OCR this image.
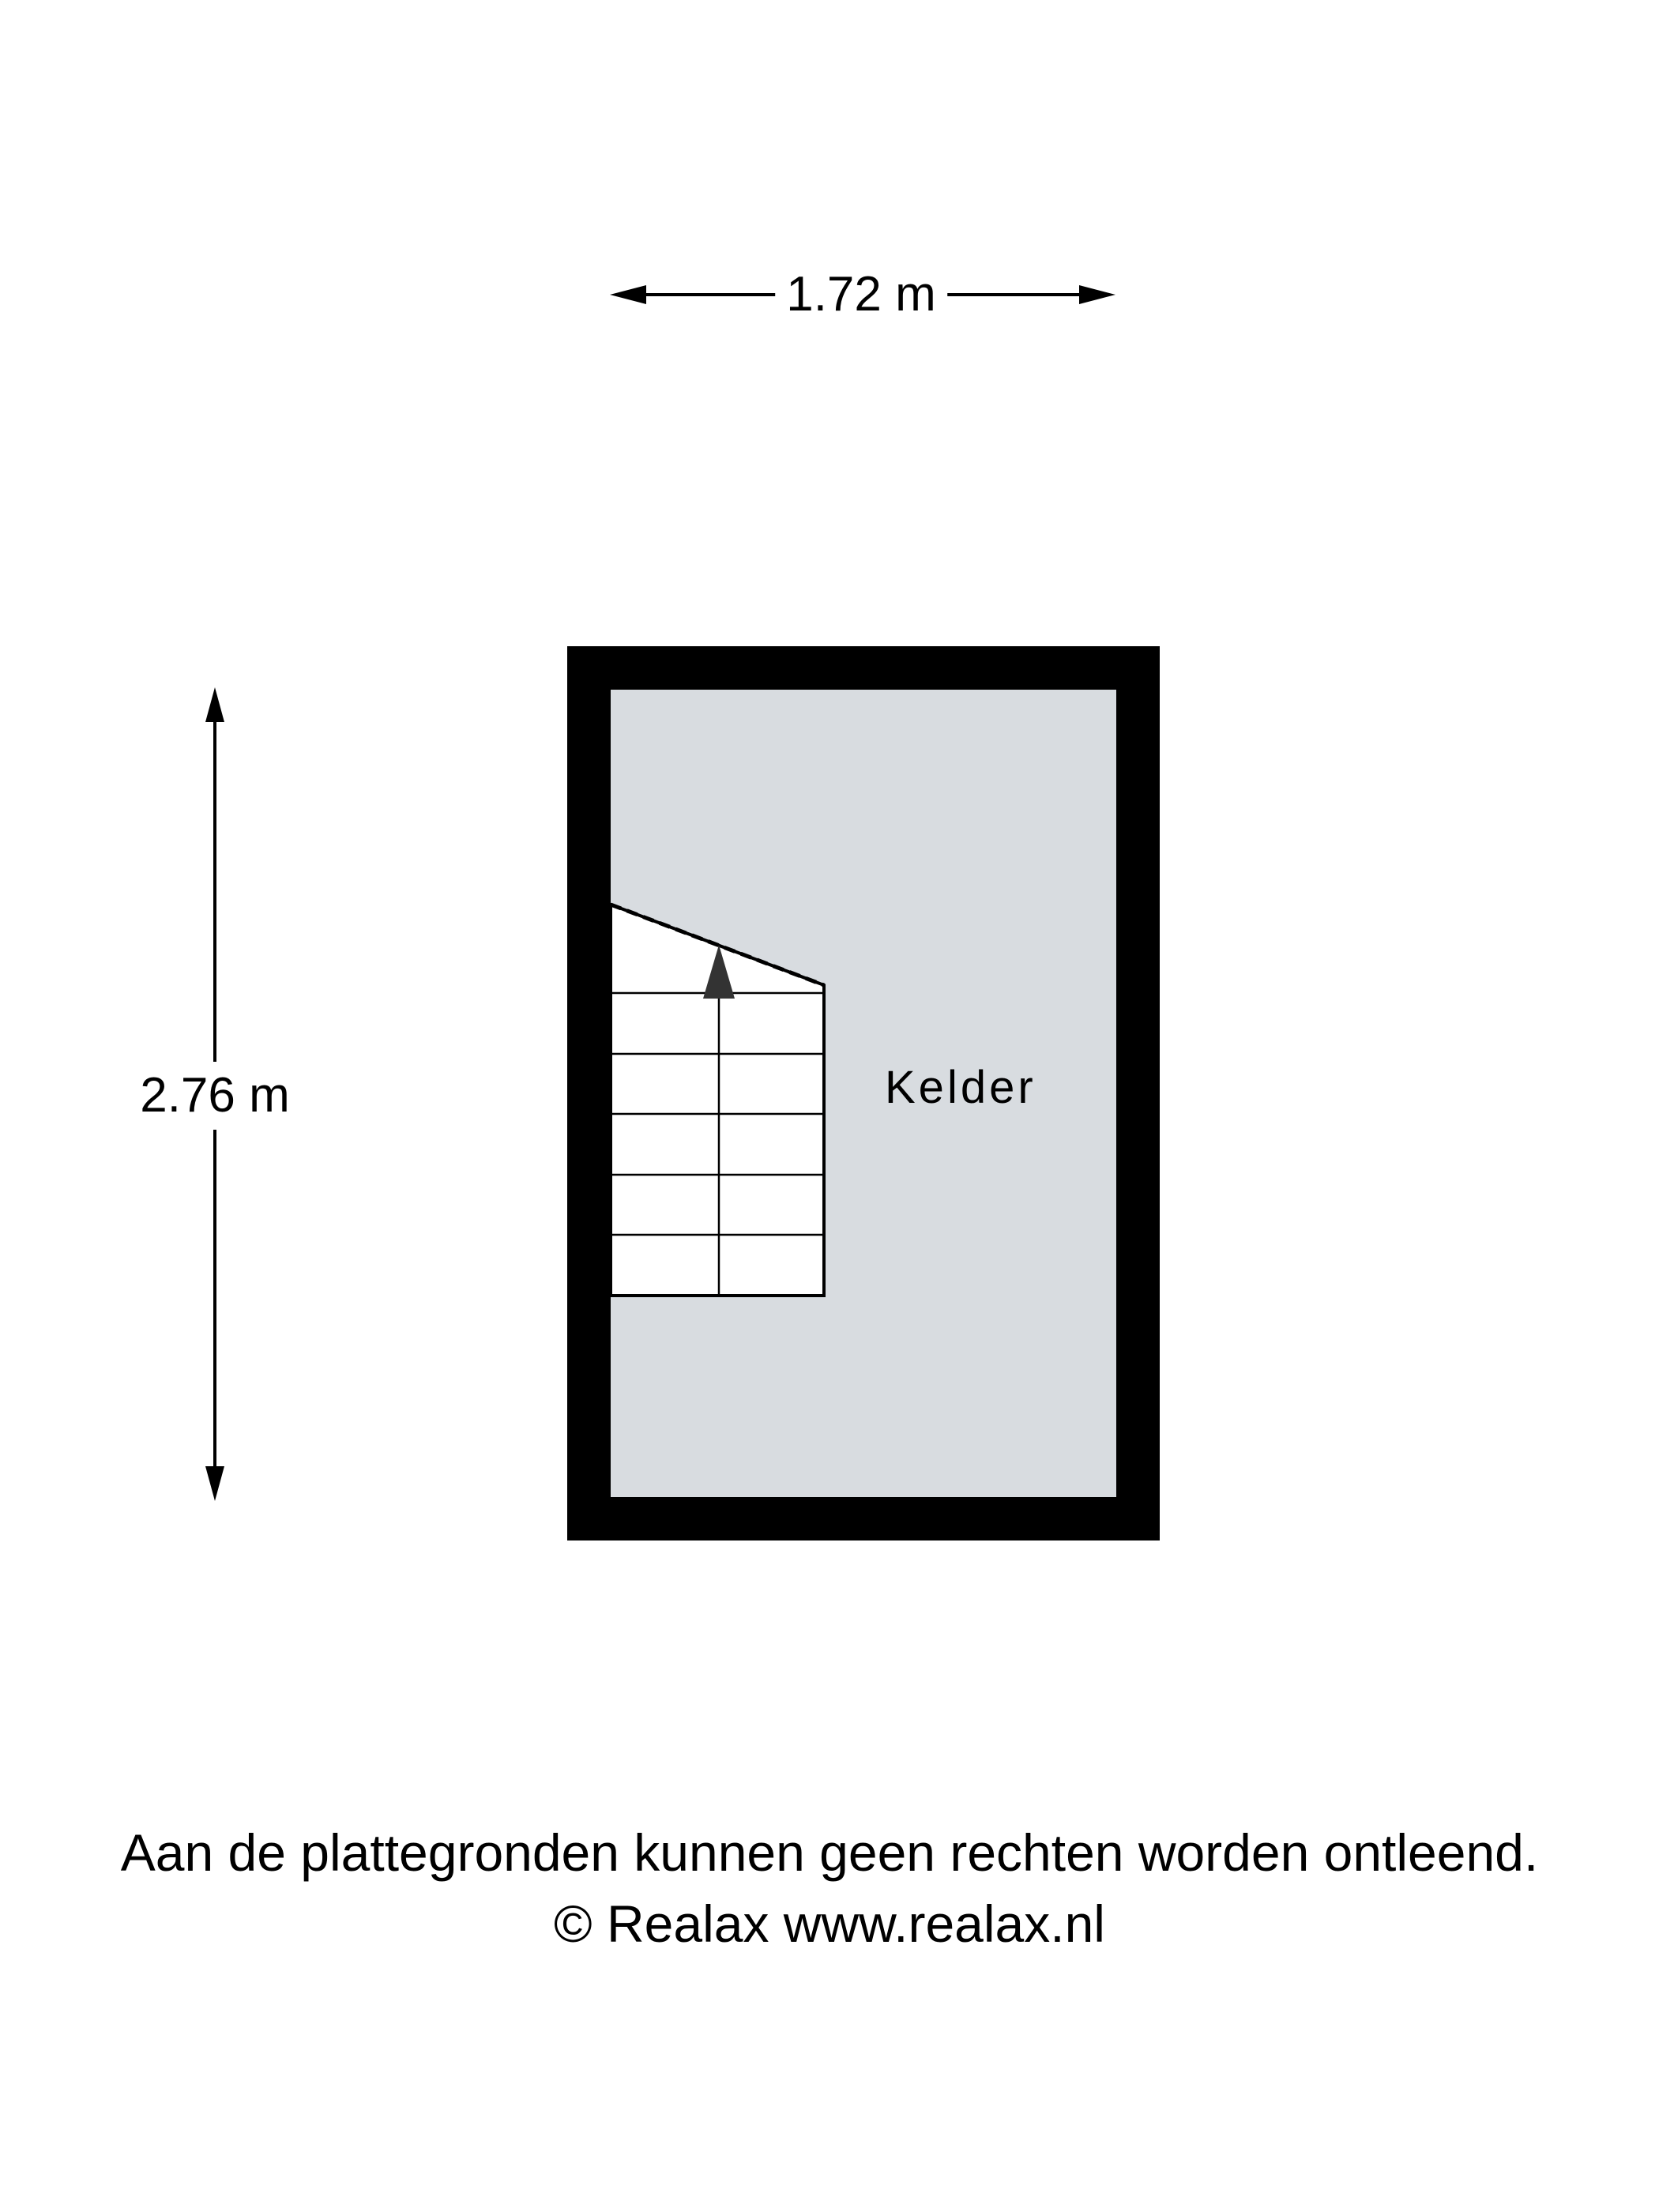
1.72 m
2.76 m	Kelder
Aan de plattegronden kunnen geen rechten worden ontleend.
© Realax www.realax.nl
